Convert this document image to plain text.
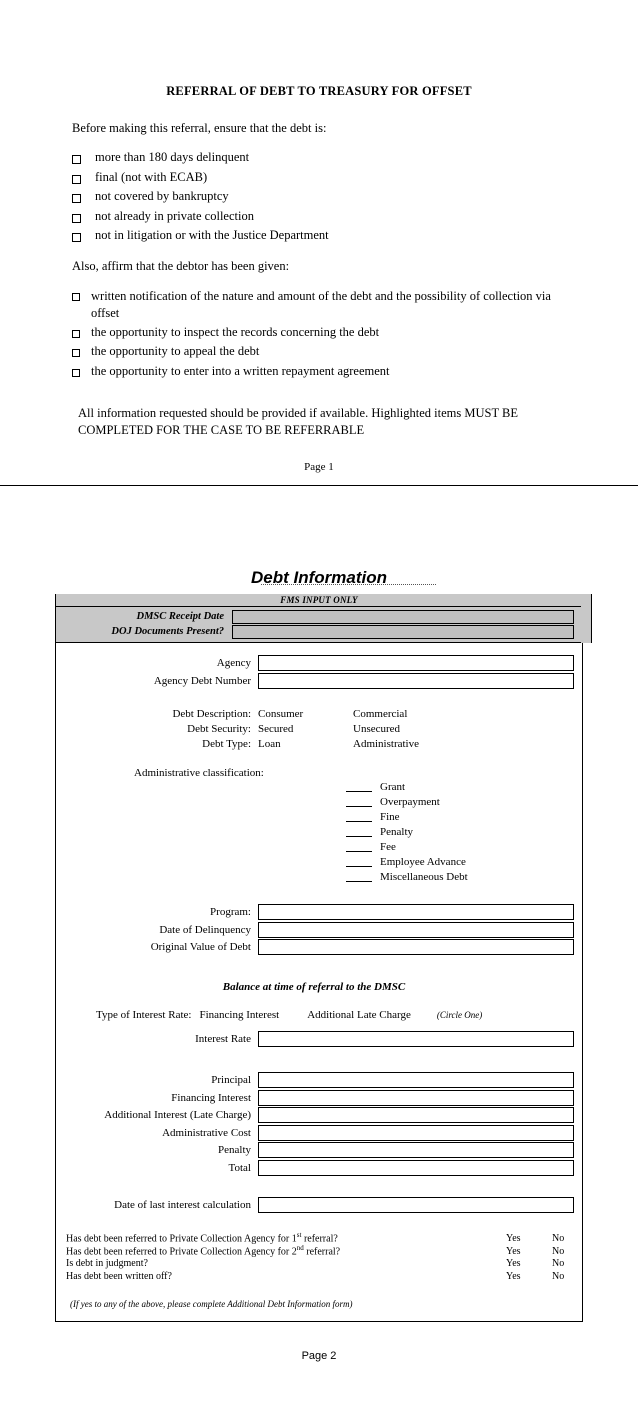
REFERRAL OF DEBT TO TREASURY FOR OFFSET
Before making this referral, ensure that the debt is:
more than 180 days delinquent
final (not with ECAB)
not covered by bankruptcy
not already in private collection
not in litigation or with the Justice Department
Also, affirm that the debtor has been given:
written notification of the nature and amount of the debt and the possibility of collection via offset
the opportunity to inspect the records concerning the debt
the opportunity to appeal the debt
the opportunity to enter into a written repayment agreement
All information requested should be provided if available. Highlighted items MUST BE COMPLETED FOR THE CASE TO BE REFERRABLE
Page 1
Debt Information
FMS INPUT ONLY
DMSC Receipt Date
DOJ Documents Present?
Agency
Agency Debt Number
Debt Description: Consumer	Commercial
Debt Security: Secured	Unsecured
Debt Type: Loan	Administrative
Administrative classification:
Grant
Overpayment
Fine
Penalty
Fee
Employee Advance
Miscellaneous Debt
Program:
Date of Delinquency
Original Value of Debt
Balance at time of referral to the DMSC
Type of Interest Rate: Financing Interest	Additional Late Charge	(Circle One)
Interest Rate
Principal
Financing Interest
Additional Interest (Late Charge)
Administrative Cost
Penalty
Total
Date of last interest calculation
Has debt been referred to Private Collection Agency for 1st referral?	Yes	No
Has debt been referred to Private Collection Agency for 2nd referral?	Yes	No
Is debt in judgment?	Yes	No
Has debt been written off?	Yes	No
(If yes to any of the above, please complete Additional Debt Information form)
Page 2
